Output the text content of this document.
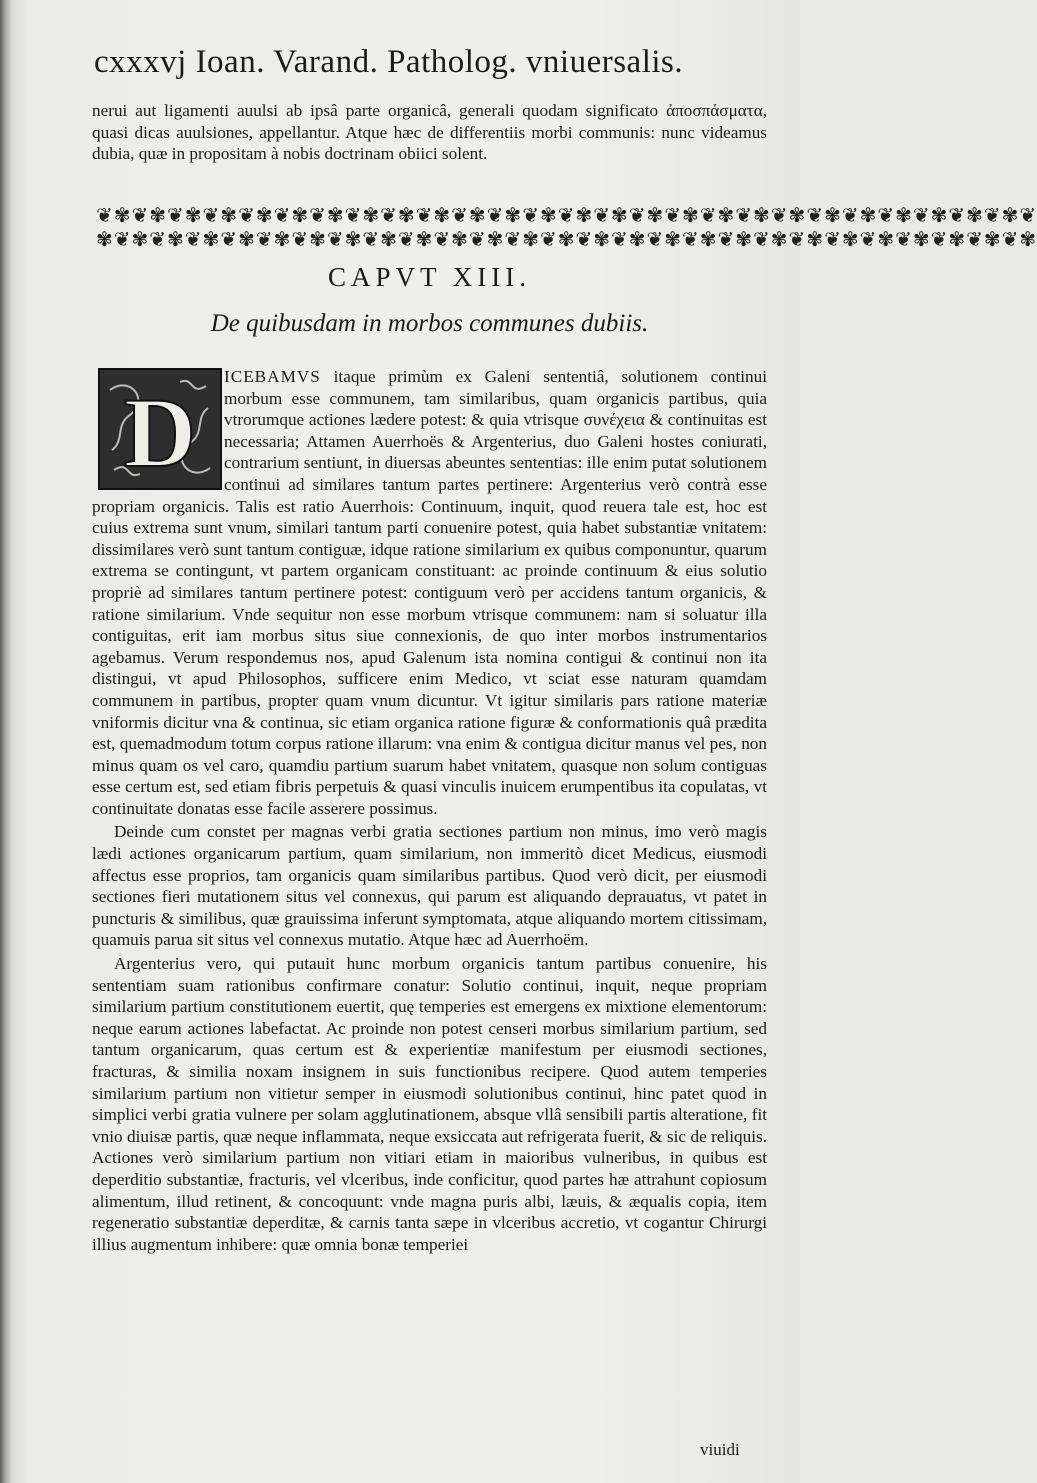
cxxxvj Ioan. Varand. Patholog. vniuersalis.
nerui aut ligamenti auulsi ab ipsâ parte organicâ, generali quodam significato ἀποσπάσματα, quasi dicas auulsiones, appellantur. Atque hæc de differentiis morbi communis: nunc videamus dubia, quæ in propositam à nobis doctrinam obiici solent.
❦✾❦✾❦✾❦✾❦✾❦✾❦✾❦✾❦✾❦✾❦✾❦✾❦✾❦✾❦✾❦✾❦✾❦✾❦✾❦✾❦✾❦✾❦✾❦✾❦✾❦✾❦
✾❦✾❦✾❦✾❦✾❦✾❦✾❦✾❦✾❦✾❦✾❦✾❦✾❦✾❦✾❦✾❦✾❦✾❦✾❦✾❦✾❦✾❦✾❦✾❦✾❦✾❦✾
CAPVT XIII.
De quibusdam in morbos communes dubiis.
D

ICEBAMVS itaque primùm ex Galeni sententiâ, solutionem continui morbum esse communem, tam similaribus, quam organicis partibus, quia vtrorumque actiones lædere potest: & quia vtrisque συνέχεια & continuitas est necessaria; Attamen Auerrhoës & Argenterius, duo Galeni hostes coniurati, contrarium sentiunt, in diuersas abeuntes sententias: ille enim putat solutionem continui ad similares tantum partes pertinere: Argenterius verò contrà esse propriam organicis. Talis est ratio Auerrhois: Continuum, inquit, quod reuera tale est, hoc est cuius extrema sunt vnum, similari tantum parti conuenire potest, quia habet substantiæ vnitatem: dissimilares verò sunt tantum contiguæ, idque ratione similarium ex quibus componuntur, quarum extrema se contingunt, vt partem organicam constituant: ac proinde continuum & eius solutio propriè ad similares tantum pertinere potest: contiguum verò per accidens tantum organicis, & ratione similarium. Vnde sequitur non esse morbum vtrisque communem: nam si soluatur illa contiguitas, erit iam morbus situs siue connexionis, de quo inter morbos instrumentarios agebamus. Verum respondemus nos, apud Galenum ista nomina contigui & continui non ita distingui, vt apud Philosophos, sufficere enim Medico, vt sciat esse naturam quamdam communem in partibus, propter quam vnum dicuntur. Vt igitur similaris pars ratione materiæ vniformis dicitur vna & continua, sic etiam organica ratione figuræ & conformationis quâ prædita est, quemadmodum totum corpus ratione illarum: vna enim & contigua dicitur manus vel pes, non minus quam os vel caro, quamdiu partium suarum habet vnitatem, quasque non solum contiguas esse certum est, sed etiam fibris perpetuis & quasi vinculis inuicem erumpentibus ita copulatas, vt continuitate donatas esse facile asserere possimus.

Deinde cum constet per magnas verbi gratia sectiones partium non minus, imo verò magis lædi actiones organicarum partium, quam similarium, non immeritò dicet Medicus, eiusmodi affectus esse proprios, tam organicis quam similaribus partibus. Quod verò dicit, per eiusmodi sectiones fieri mutationem situs vel connexus, qui parum est aliquando deprauatus, vt patet in puncturis & similibus, quæ grauissima inferunt symptomata, atque aliquando mortem citissimam, quamuis parua sit situs vel connexus mutatio. Atque hæc ad Auerrhoëm.

Argenterius vero, qui putauit hunc morbum organicis tantum partibus conuenire, his sententiam suam rationibus confirmare conatur: Solutio continui, inquit, neque propriam similarium partium constitutionem euertit, quę temperies est emergens ex mixtione elementorum: neque earum actiones labefactat. Ac proinde non potest censeri morbus similarium partium, sed tantum organicarum, quas certum est & experientiæ manifestum per eiusmodi sectiones, fracturas, & similia noxam insignem in suis functionibus recipere. Quod autem temperies similarium partium non vitietur semper in eiusmodi solutionibus continui, hinc patet quod in simplici verbi gratia vulnere per solam agglutinationem, absque vllâ sensibili partis alteratione, fit vnio diuisæ partis, quæ neque inflammata, neque exsiccata aut refrigerata fuerit, & sic de reliquis. Actiones verò similarium partium non vitiari etiam in maioribus vulneribus, in quibus est deperditio substantiæ, fracturis, vel vlceribus, inde conficitur, quod partes hæ attrahunt copiosum alimentum, illud retinent, & concoquunt: vnde magna puris albi, læuis, & æqualis copia, item regeneratio substantiæ deperditæ, & carnis tanta sæpe in vlceribus accretio, vt cogantur Chirurgi illius augmentum inhibere: quæ omnia bonæ temperiei

viuidi
